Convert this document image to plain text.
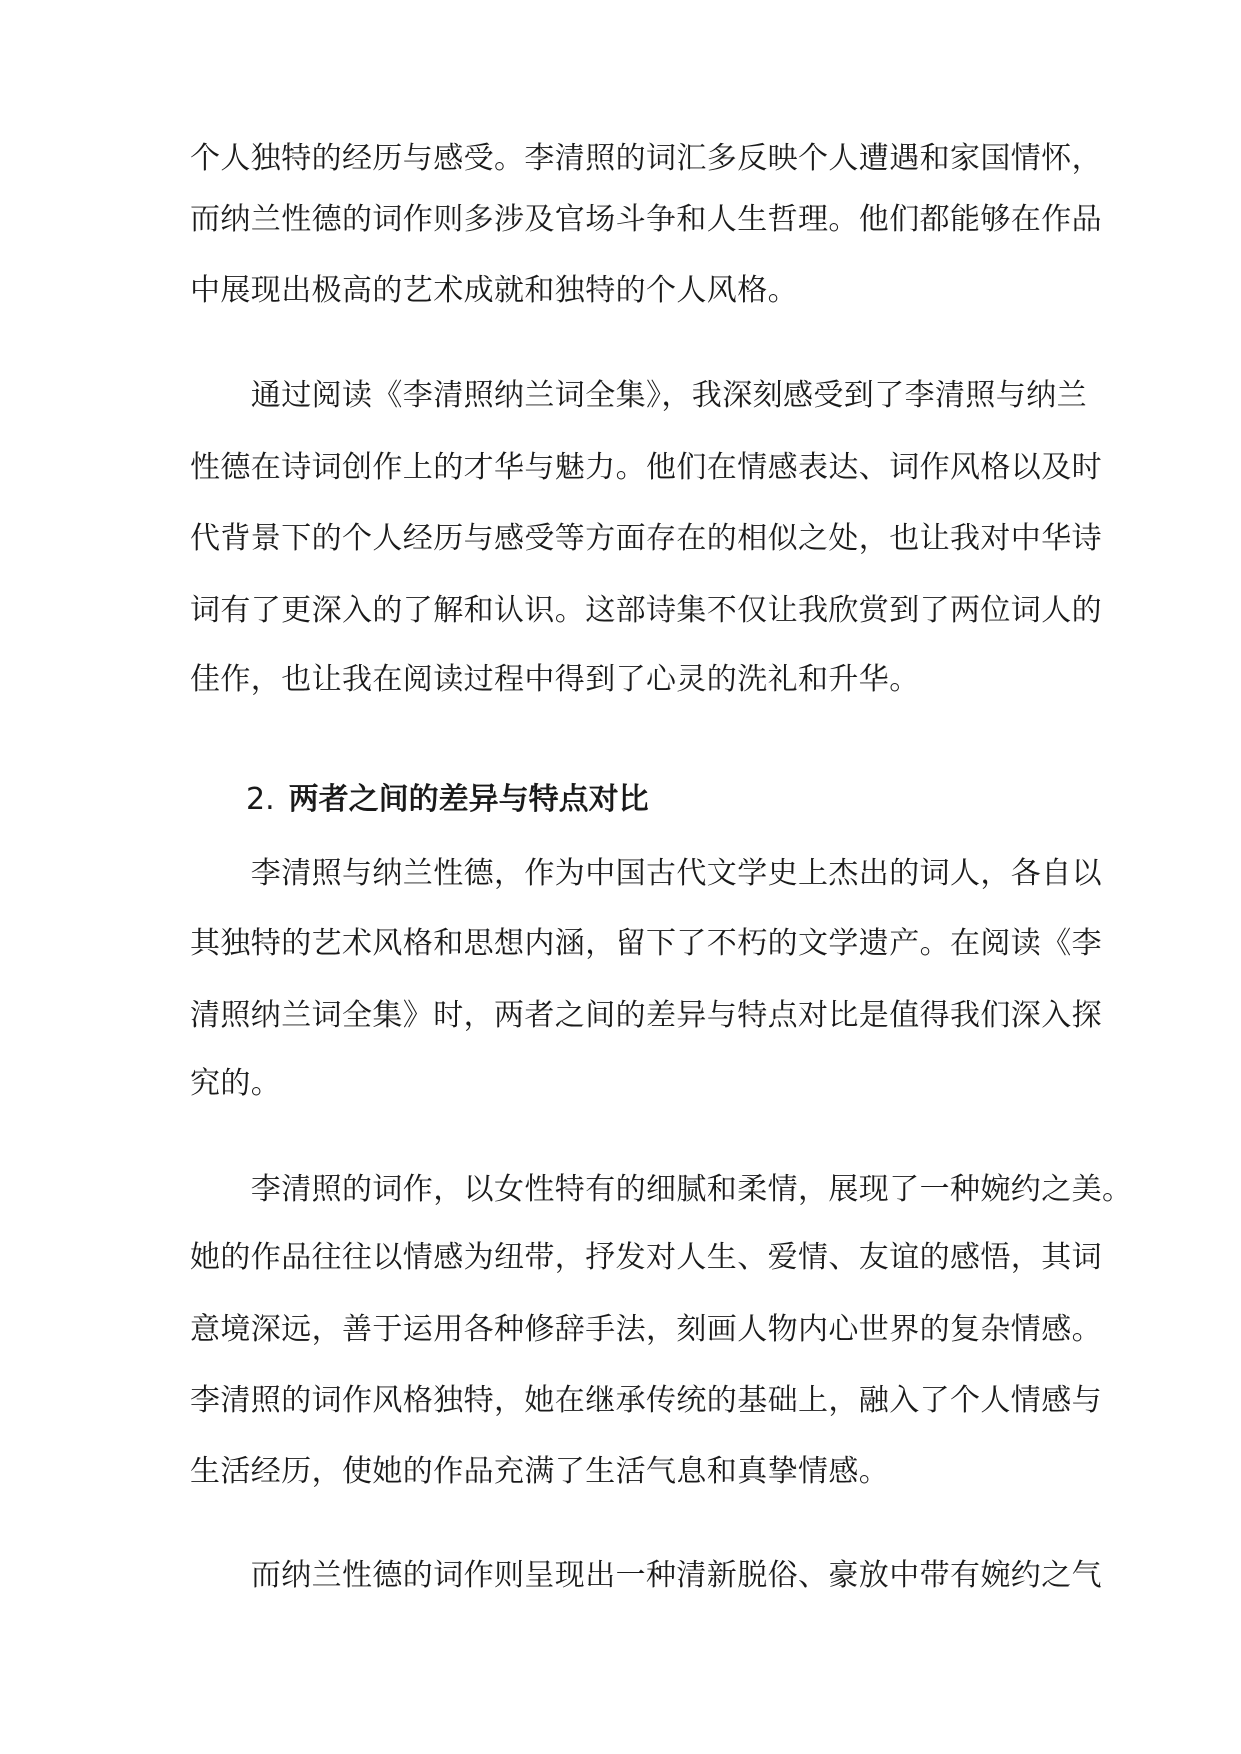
个人独特的经历与感受。李清照的词汇多反映个人遭遇和家国情怀，
而纳兰性德的词作则多涉及官场斗争和人生哲理。他们都能够在作品
中展现出极高的艺术成就和独特的个人风格。
　　通过阅读《李清照纳兰词全集》，我深刻感受到了李清照与纳兰
性德在诗词创作上的才华与魅力。他们在情感表达、词作风格以及时
代背景下的个人经历与感受等方面存在的相似之处，也让我对中华诗
词有了更深入的了解和认识。这部诗集不仅让我欣赏到了两位词人的
佳作，也让我在阅读过程中得到了心灵的洗礼和升华。
2. 两者之间的差异与特点对比
　　李清照与纳兰性德，作为中国古代文学史上杰出的词人，各自以
其独特的艺术风格和思想内涵，留下了不朽的文学遗产。在阅读《李
清照纳兰词全集》时，两者之间的差异与特点对比是值得我们深入探
究的。
　　李清照的词作，以女性特有的细腻和柔情，展现了一种婉约之美。
她的作品往往以情感为纽带，抒发对人生、爱情、友谊的感悟，其词
意境深远，善于运用各种修辞手法，刻画人物内心世界的复杂情感。
李清照的词作风格独特，她在继承传统的基础上，融入了个人情感与
生活经历，使她的作品充满了生活气息和真挚情感。
　　而纳兰性德的词作则呈现出一种清新脱俗、豪放中带有婉约之气
